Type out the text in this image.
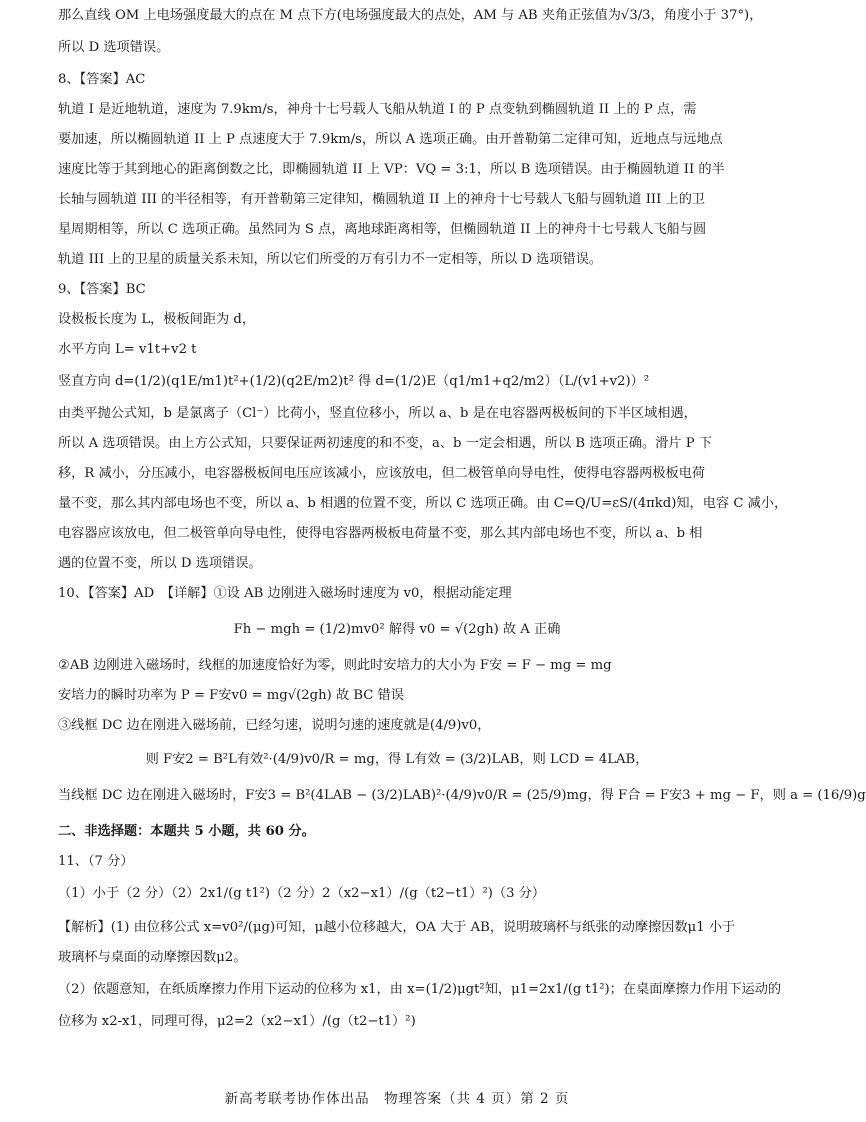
那么直线 OM 上电场强度最大的点在 M 点下方(电场强度最大的点处，AM 与 AB 夹角正弦值为√3/3，角度小于 37°)，
所以 D 选项错误。
8、【答案】AC
轨道 I 是近地轨道，速度为 7.9km/s，神舟十七号载人飞船从轨道 I 的 P 点变轨到椭圆轨道 II 上的 P 点，需
要加速，所以椭圆轨道 II 上 P 点速度大于 7.9km/s，所以 A 选项正确。由开普勒第二定律可知，近地点与远地点
速度比等于其到地心的距离倒数之比，即椭圆轨道 II 上 VP：VQ = 3:1，所以 B 选项错误。由于椭圆轨道 II 的半
长轴与圆轨道 III 的半径相等，有开普勒第三定律知，椭圆轨道 II 上的神舟十七号载人飞船与圆轨道 III 上的卫
星周期相等，所以 C 选项正确。虽然同为 S 点，离地球距离相等，但椭圆轨道 II 上的神舟十七号载人飞船与圆
轨道 III 上的卫星的质量关系未知，所以它们所受的万有引力不一定相等，所以 D 选项错误。
9、【答案】BC
设极板长度为 L，极板间距为 d，
水平方向 L= v1t+v2 t
竖直方向 d=(1/2)(q1E/m1)t²+(1/2)(q2E/m2)t² 得 d=(1/2)E（q1/m1+q2/m2）（L/(v1+v2)）²
由类平抛公式知，b 是氯离子（Cl⁻）比荷小，竖直位移小，所以 a、b 是在电容器两极板间的下半区域相遇，
所以 A 选项错误。由上方公式知，只要保证两初速度的和不变，a、b 一定会相遇，所以 B 选项正确。滑片 P 下
移，R 减小，分压减小，电容器极板间电压应该减小，应该放电，但二极管单向导电性，使得电容器两极板电荷
量不变，那么其内部电场也不变，所以 a、b 相遇的位置不变，所以 C 选项正确。由 C=Q/U=εS/(4πkd)知，电容 C 减小，
电容器应该放电，但二极管单向导电性，使得电容器两极板电荷量不变，那么其内部电场也不变，所以 a、b 相
遇的位置不变，所以 D 选项错误。
10、【答案】AD　【详解】①设 AB 边刚进入磁场时速度为 v0，根据动能定理
Fh − mgh = (1/2)mv0² 解得 v0 = √(2gh) 故 A 正确
②AB 边刚进入磁场时，线框的加速度恰好为零，则此时安培力的大小为 F安 = F − mg = mg
安培力的瞬时功率为 P = F安v0 = mg√(2gh) 故 BC 错误
③线框 DC 边在刚进入磁场前，已经匀速，说明匀速的速度就是(4/9)v0，
则 F安2 = B²L有效²·(4/9)v0/R = mg，得 L有效 = (3/2)LAB，则 LCD = 4LAB，
当线框 DC 边在刚进入磁场时，F安3 = B²(4LAB − (3/2)LAB)²·(4/9)v0/R = (25/9)mg，得 F合 = F安3 + mg − F，则 a = (16/9)g
二、非选择题：本题共 5 小题，共 60 分。
11、（7 分）
（1）小于（2 分）（2）2x1/(g t1²)（2 分）2（x2−x1）/(g（t2−t1）²)（3 分）
【解析】(1) 由位移公式 x=v0²/(μg)可知，μ越小位移越大，OA 大于 AB，说明玻璃杯与纸张的动摩擦因数μ1 小于
玻璃杯与桌面的动摩擦因数μ2。
（2）依题意知，在纸质摩擦力作用下运动的位移为 x1，由 x=(1/2)μgt²知，μ1=2x1/(g t1²)；在桌面摩擦力作用下运动的
位移为 x2-x1，同理可得，μ2=2（x2−x1）/(g（t2−t1）²)
新高考联考协作体出品　物理答案（共 4 页）第 2 页
